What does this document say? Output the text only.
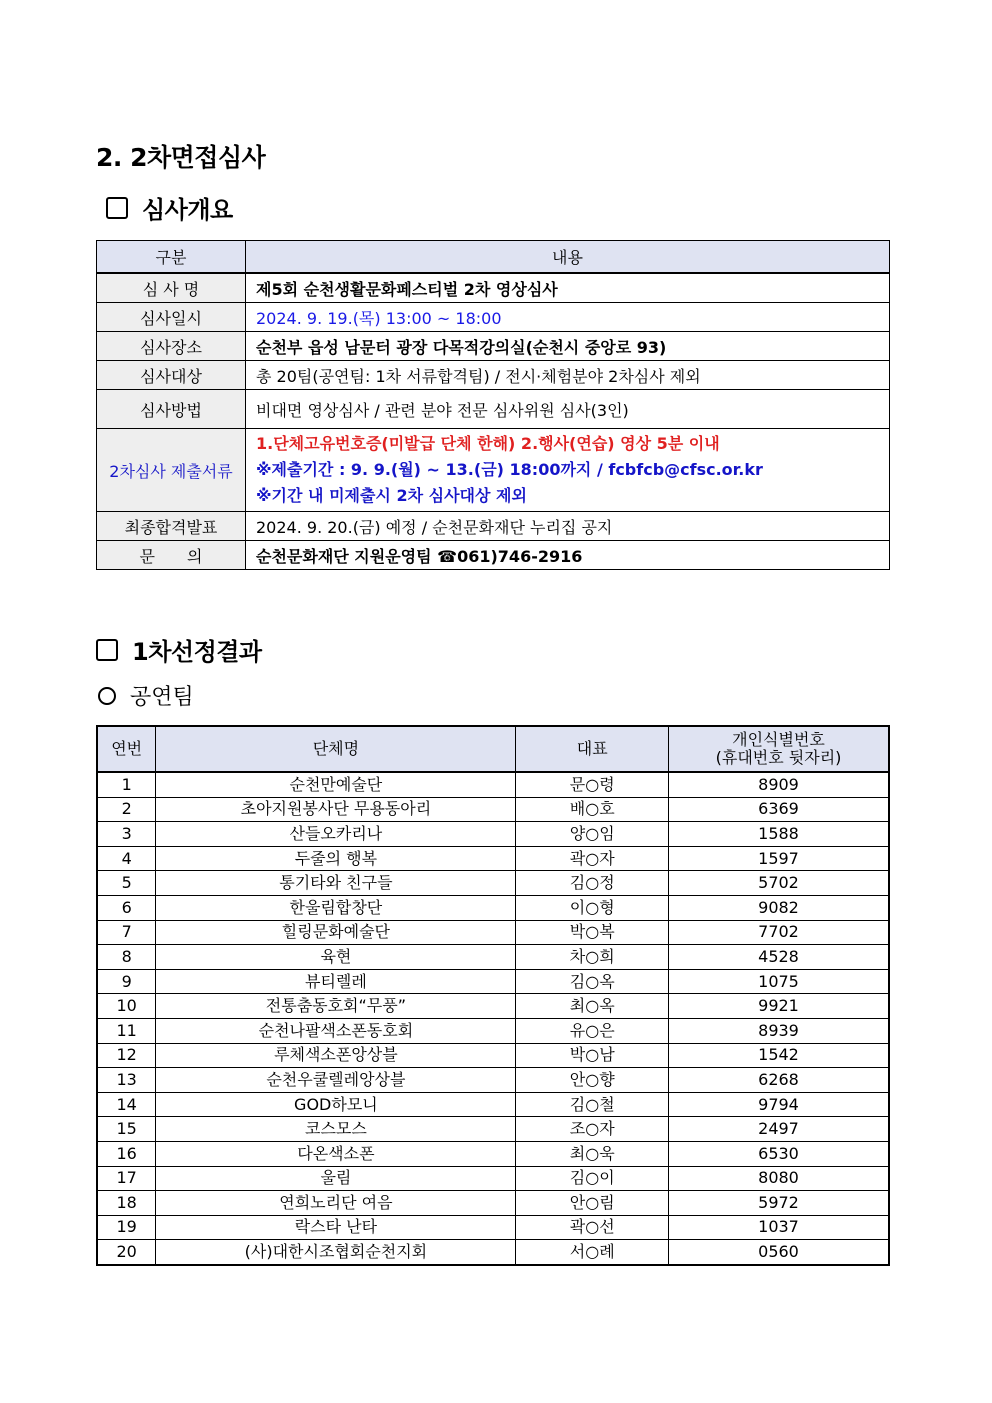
2. 2차면접심사
심사개요
구분	내용
심 사 명	제5회 순천생활문화페스티벌 2차 영상심사
심사일시	2024. 9. 19.(목) 13:00 ~ 18:00
심사장소	순천부 읍성 남문터 광장 다목적강의실(순천시 중앙로 93)
심사대상	총 20팀(공연팀: 1차 서류합격팀) / 전시·체험분야 2차심사 제외
심사방법	비대면 영상심사 / 관련 분야 전문 심사위원 심사(3인)
2차심사 제출서류	1.단체고유번호증(미발급 단체 한해) 2.행사(연습) 영상 5분 이내
※제출기간 : 9. 9.(월) ~ 13.(금) 18:00까지 / fcbfcb@cfsc.or.kr
※기간 내 미제출시 2차 심사대상 제외

최종합격발표	2024. 9. 20.(금) 예정 / 순천문화재단 누리집 공지
문　　의	순천문화재단 지원운영팀 ☎061)746-2916
1차선정결과
공연팀
연번	단체명	대표	개인식별번호
(휴대번호 뒷자리)

1	순천만예술단	문○령	8909
2	초아지원봉사단 무용동아리	배○호	6369
3	산들오카리나	양○임	1588
4	두줄의 행복	곽○자	1597
5	통기타와 친구들	김○정	5702
6	한울림합창단	이○형	9082
7	힐링문화예술단	박○복	7702
8	육현	차○희	4528
9	뷰티렐레	김○옥	1075
10	전통춤동호회“무풍”	최○옥	9921
11	순천나팔색소폰동호회	유○은	8939
12	루체색소폰앙상블	박○남	1542
13	순천우쿨렐레앙상블	안○향	6268
14	GOD하모니	김○철	9794
15	코스모스	조○자	2497
16	다온색소폰	최○욱	6530
17	울림	김○이	8080
18	연희노리단 여음	안○림	5972
19	락스타 난타	곽○선	1037
20	(사)대한시조협회순천지회	서○례	0560
